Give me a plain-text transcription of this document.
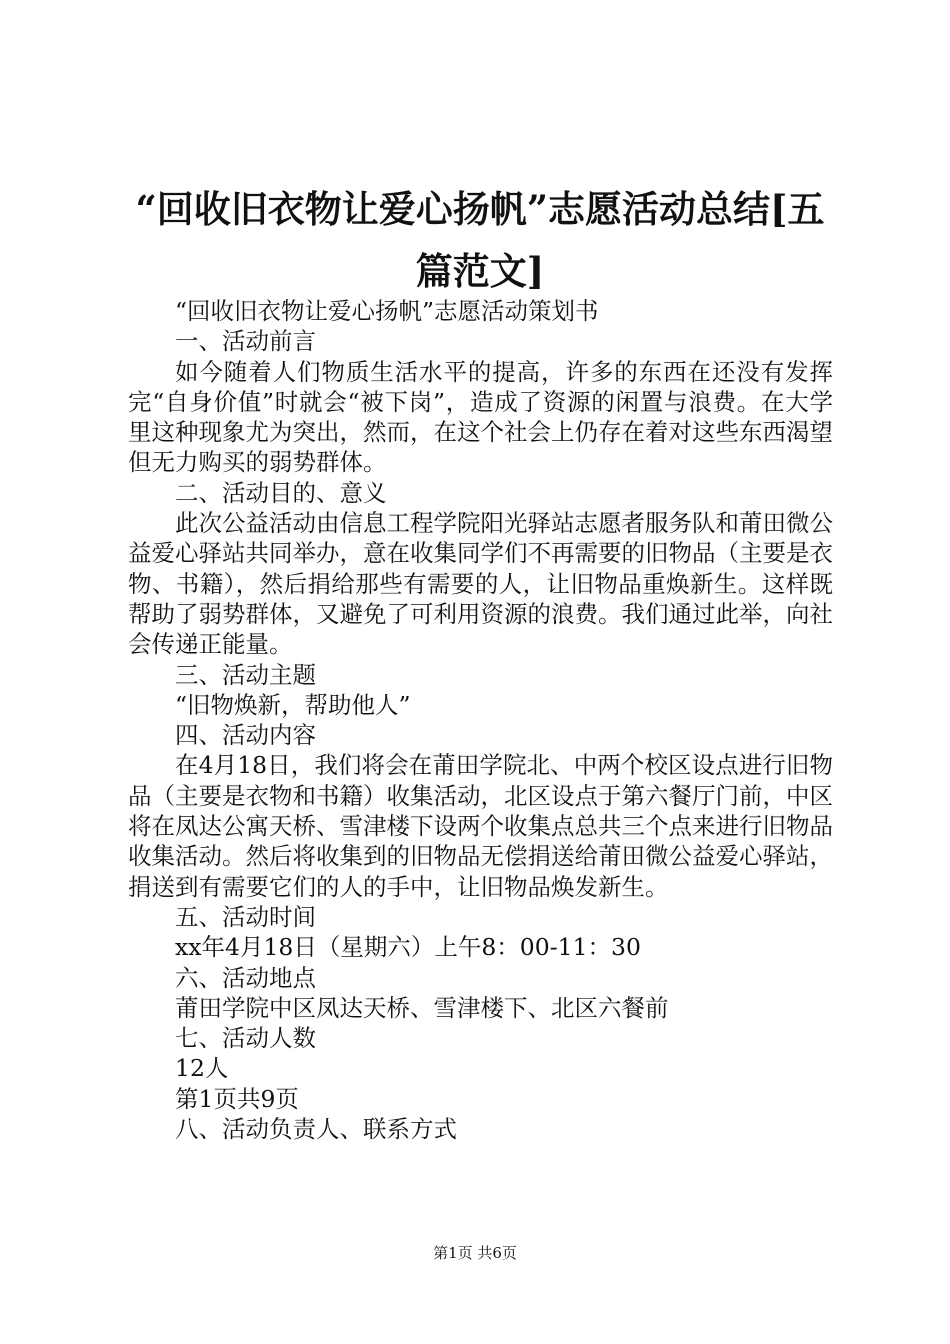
“回收旧衣物让爱心扬帆”志愿活动总结[五篇范文]

“回收旧衣物让爱心扬帆”志愿活动策划书

一、活动前言

如今随着人们物质生活水平的提高，许多的东西在还没有发挥完“自身价值”时就会“被下岗”，造成了资源的闲置与浪费。在大学里这种现象尤为突出，然而，在这个社会上仍存在着对这些东西渴望但无力购买的弱势群体。

二、活动目的、意义

此次公益活动由信息工程学院阳光驿站志愿者服务队和莆田微公益爱心驿站共同举办，意在收集同学们不再需要的旧物品（主要是衣物、书籍），然后捐给那些有需要的人，让旧物品重焕新生。这样既帮助了弱势群体，又避免了可利用资源的浪费。我们通过此举，向社会传递正能量。

三、活动主题

“旧物焕新，帮助他人”

四、活动内容

在4月18日，我们将会在莆田学院北、中两个校区设点进行旧物品（主要是衣物和书籍）收集活动，北区设点于第六餐厅门前，中区将在凤达公寓天桥、雪津楼下设两个收集点总共三个点来进行旧物品收集活动。然后将收集到的旧物品无偿捐送给莆田微公益爱心驿站，捐送到有需要它们的人的手中，让旧物品焕发新生。

五、活动时间

xx年4月18日（星期六）上午8：00-11：30

六、活动地点

莆田学院中区凤达天桥、雪津楼下、北区六餐前

七、活动人数

12人

第1页共9页

八、活动负责人、联系方式

第1页 共6页
